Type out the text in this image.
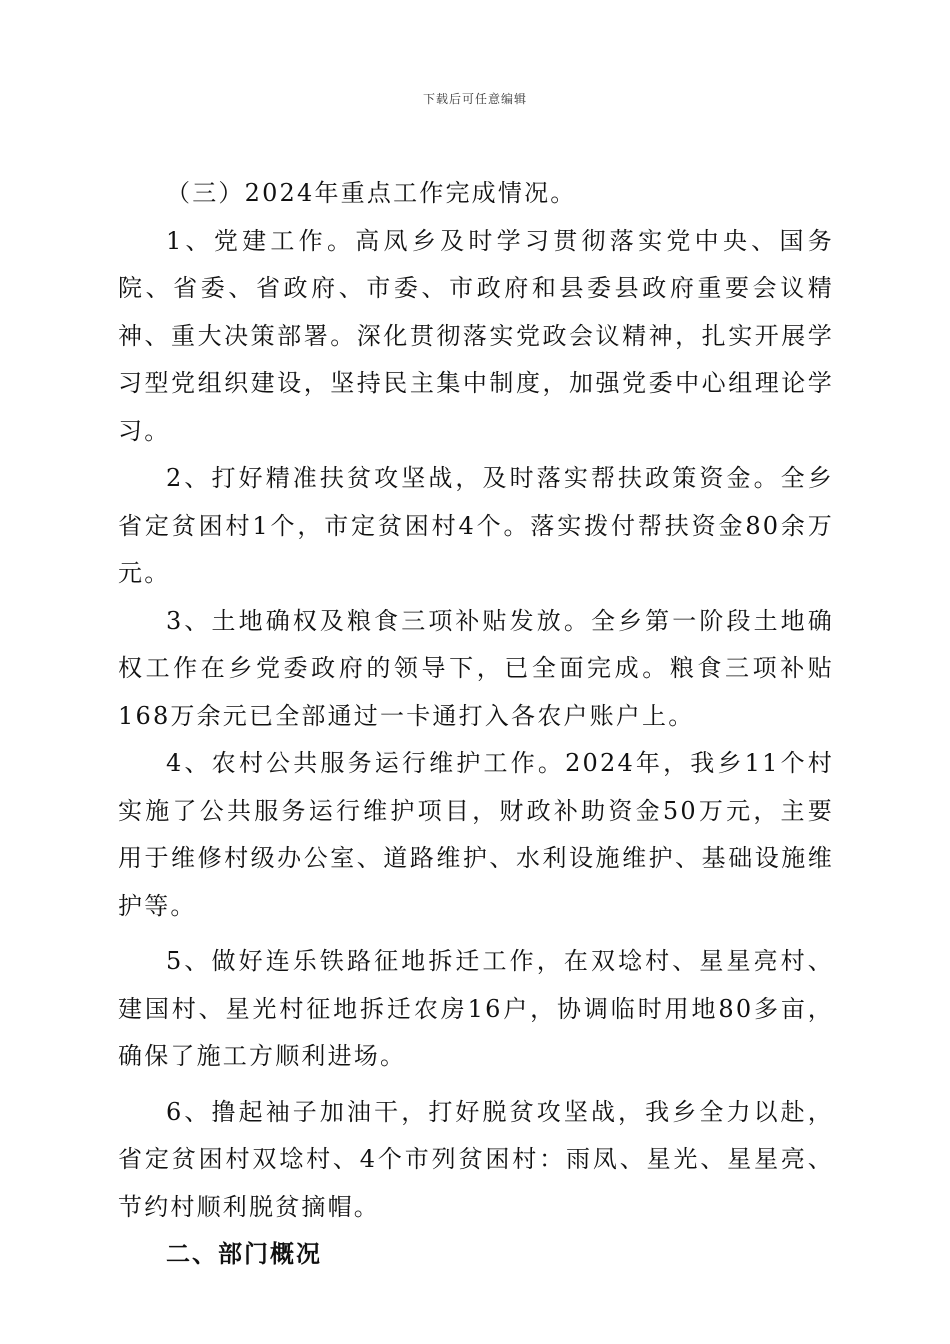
下载后可任意编辑

（三）2024年重点工作完成情况。

1、党建工作。高凤乡及时学习贯彻落实党中央、国务院、省委、省政府、市委、市政府和县委县政府重要会议精神、重大决策部署。深化贯彻落实党政会议精神，扎实开展学习型党组织建设，坚持民主集中制度，加强党委中心组理论学习。

2、打好精准扶贫攻坚战，及时落实帮扶政策资金。全乡省定贫困村1个，市定贫困村4个。落实拨付帮扶资金80余万元。

3、土地确权及粮食三项补贴发放。全乡第一阶段土地确权工作在乡党委政府的领导下，已全面完成。粮食三项补贴168万余元已全部通过一卡通打入各农户账户上。

4、农村公共服务运行维护工作。2024年，我乡11个村实施了公共服务运行维护项目，财政补助资金50万元，主要用于维修村级办公室、道路维护、水利设施维护、基础设施维护等。

5、做好连乐铁路征地拆迁工作，在双埝村、星星亮村、建国村、星光村征地拆迁农房16户，协调临时用地80多亩，确保了施工方顺利进场。

6、撸起袖子加油干，打好脱贫攻坚战，我乡全力以赴，省定贫困村双埝村、4个市列贫困村：雨凤、星光、星星亮、节约村顺利脱贫摘帽。

二、部门概况
